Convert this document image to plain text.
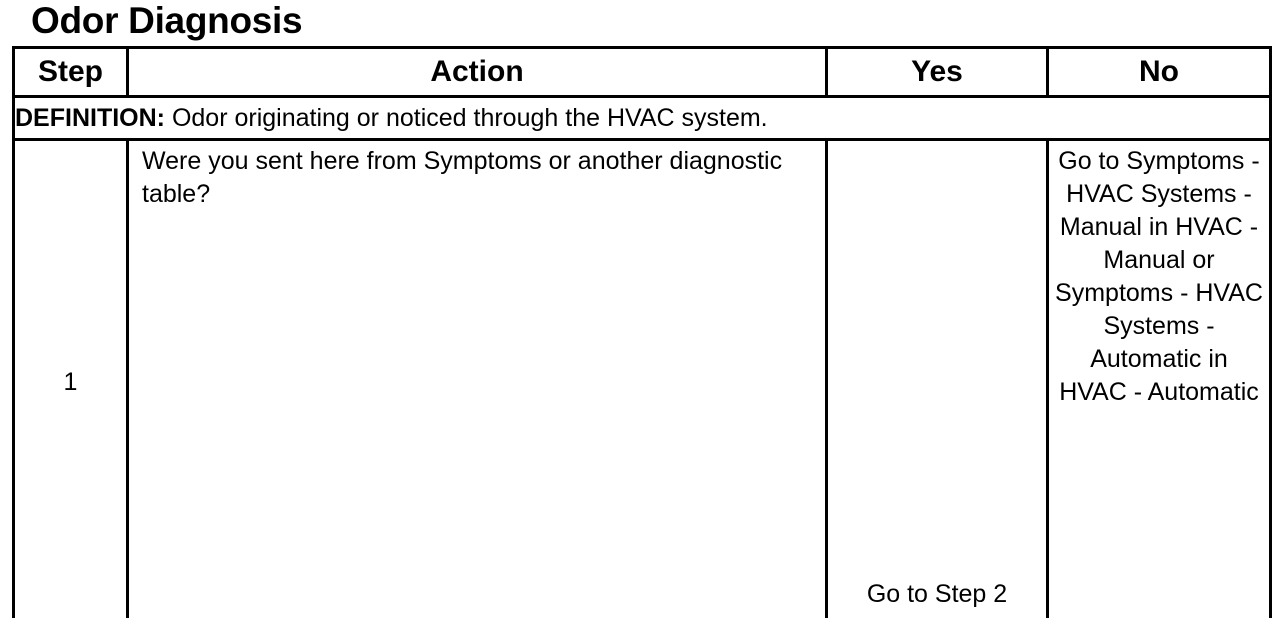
Odor Diagnosis
Step	Action	Yes	No
DEFINITION: Odor originating or noticed through the HVAC system.			
1	Were you sent here from Symptoms or another diagnostic table?	Go to Step 2	Go to Symptoms - HVAC Systems - Manual in HVAC - Manual or Symptoms - HVAC Systems - Automatic in HVAC - Automatic
